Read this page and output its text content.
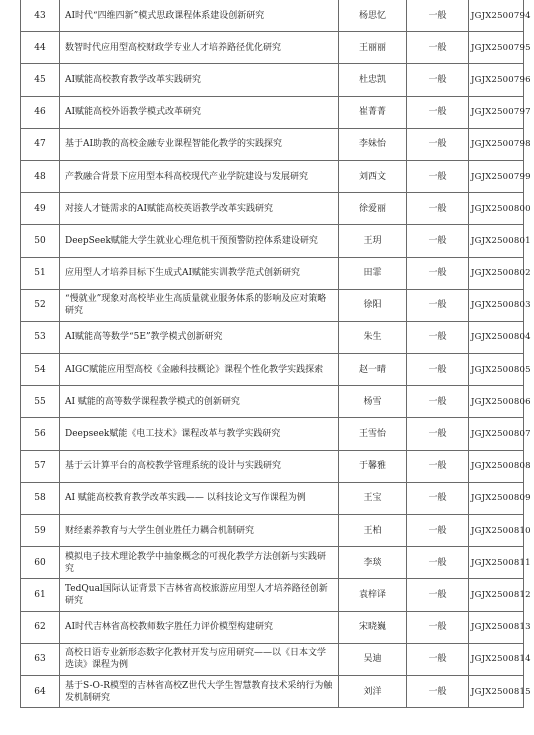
43	AI时代“四维四新”模式思政课程体系建设创新研究	杨思忆	一般	JGJX2500794
44	数智时代应用型高校财政学专业人才培养路径优化研究	王丽丽	一般	JGJX2500795
45	AI赋能高校教育教学改革实践研究	杜忠凯	一般	JGJX2500796
46	AI赋能高校外语教学模式改革研究	崔菁菁	一般	JGJX2500797
47	基于AI助教的高校金融专业课程智能化教学的实践探究	李妹怡	一般	JGJX2500798
48	产教融合背景下应用型本科高校现代产业学院建设与发展研究	刘西文	一般	JGJX2500799
49	对接人才链需求的AI赋能高校英语教学改革实践研究	徐爱丽	一般	JGJX2500800
50	DeepSeek赋能大学生就业心理危机干预预警防控体系建设研究	王玥	一般	JGJX2500801
51	应用型人才培养目标下生成式AI赋能实训教学范式创新研究	田霏	一般	JGJX2500802
52	“慢就业”现象对高校毕业生高质量就业服务体系的影响及应对策略研究	徐阳	一般	JGJX2500803
53	AI赋能高等数学“5E”教学模式创新研究	朱生	一般	JGJX2500804
54	AIGC赋能应用型高校《金融科技概论》课程个性化教学实践探索	赵一晴	一般	JGJX2500805
55	AI 赋能的高等数学课程教学模式的创新研究	杨雪	一般	JGJX2500806
56	Deepseek赋能《电工技术》课程改革与教学实践研究	王雪怡	一般	JGJX2500807
57	基于云计算平台的高校教学管理系统的设计与实践研究	于馨雅	一般	JGJX2500808
58	AI 赋能高校教育教学改革实践—— 以科技论文写作课程为例	王宝	一般	JGJX2500809
59	财经素养教育与大学生创业胜任力耦合机制研究	王柏	一般	JGJX2500810
60	模拟电子技术理论教学中抽象概念的可视化教学方法创新与实践研究	李琰	一般	JGJX2500811
61	TedQual国际认证背景下吉林省高校旅游应用型人才培养路径创新研究	袁梓译	一般	JGJX2500812
62	AI时代吉林省高校教师数字胜任力评价模型构建研究	宋晓巍	一般	JGJX2500813
63	高校日语专业新形态数字化教材开发与应用研究——以《日本文学选读》课程为例	吴迪	一般	JGJX2500814
64	基于S-O-R模型的吉林省高校Z世代大学生智慧教育技术采纳行为触发机制研究	刘洋	一般	JGJX2500815
